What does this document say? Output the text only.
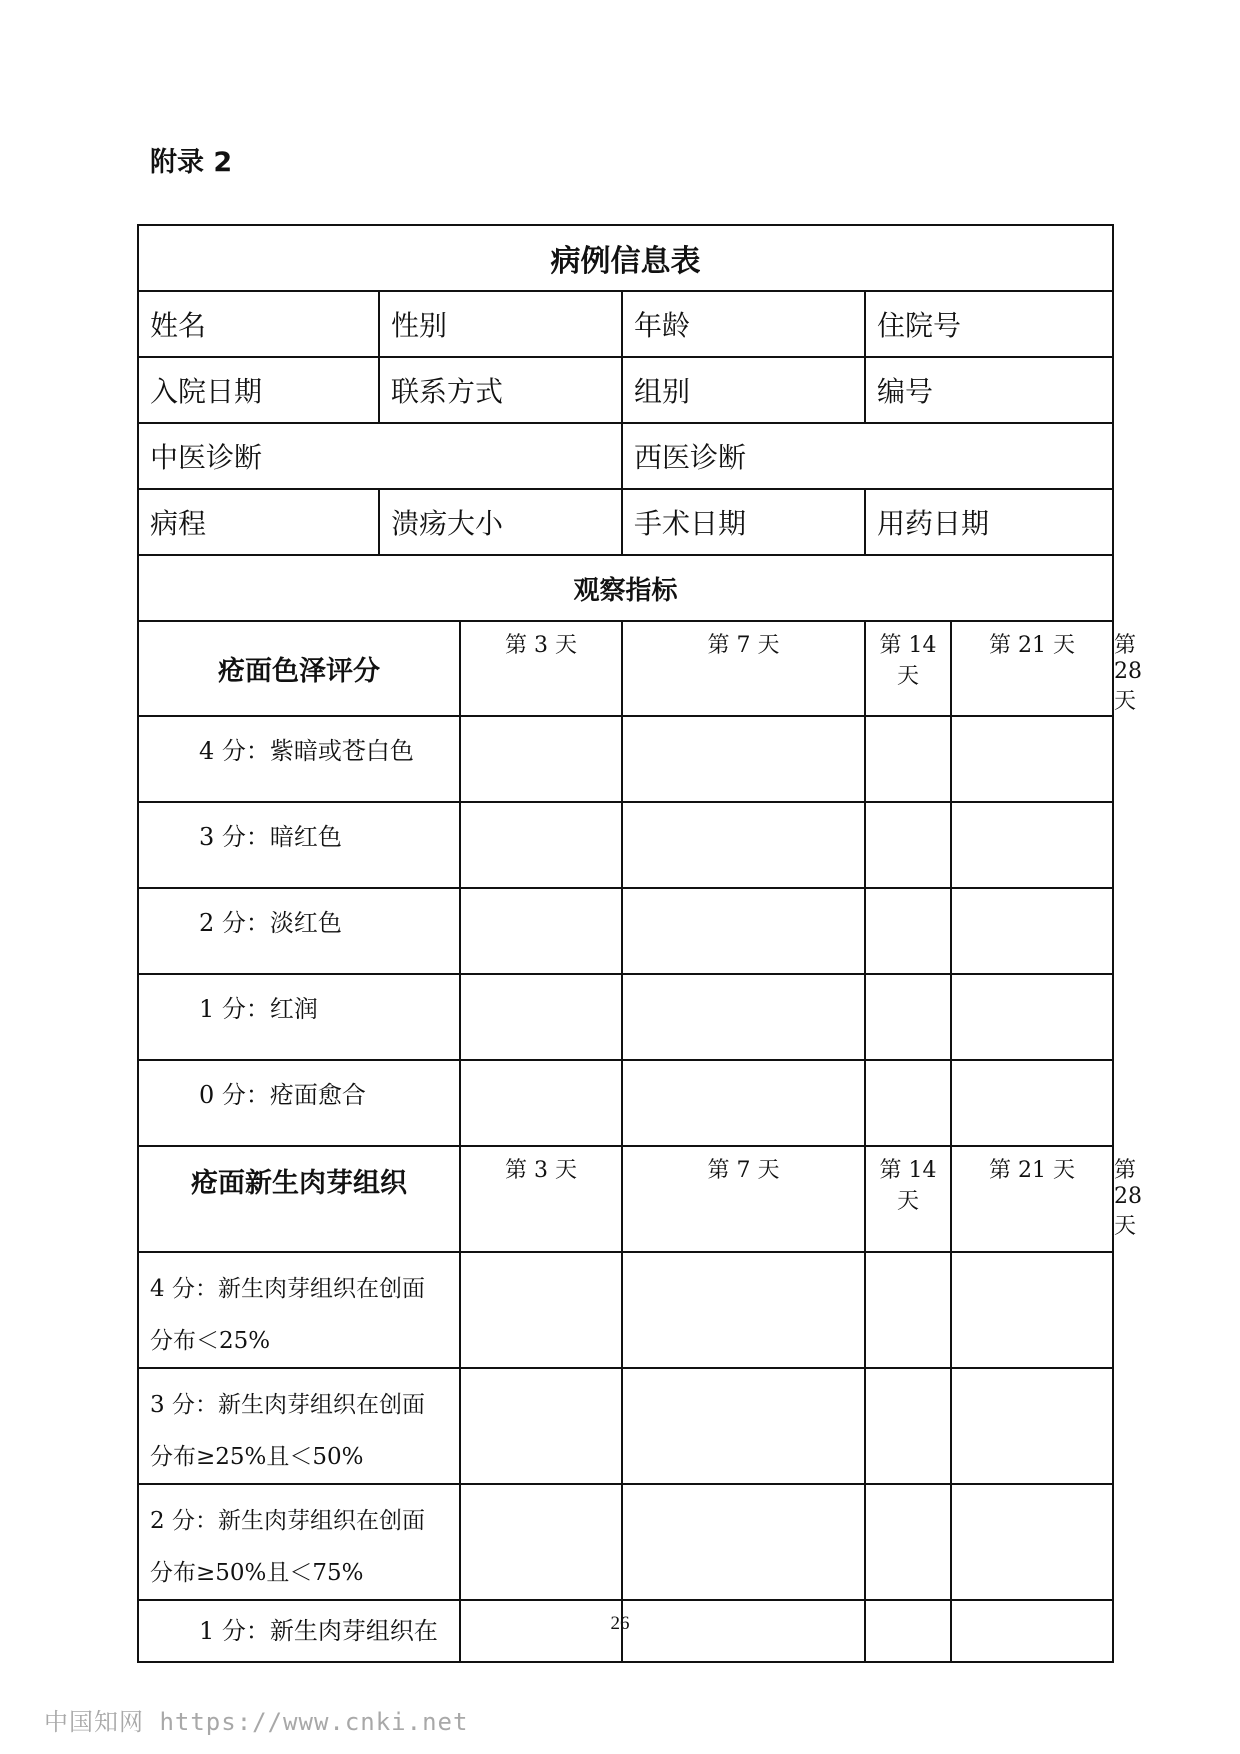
附录 2
病例信息表						
姓名	性别		年龄	住院号		
入院日期	联系方式		组别	编号		
中医诊断			西医诊断			
病程	溃疡大小		手术日期	用药日期		
观察指标						
疮面色泽评分		第 3 天	第 7 天	第 14 天	第 21 天	第 28 天
4 分：紫暗或苍白色						
3 分：暗红色						
2 分：淡红色						
1 分：红润						
0 分：疮面愈合						
疮面新生肉芽组织		第 3 天	第 7 天	第 14 天	第 21 天	第 28 天

4 分：新生肉芽组织在创面
分布＜25%						

3 分：新生肉芽组织在创面
分布≥25%且＜50%						

2 分：新生肉芽组织在创面
分布≥50%且＜75%						

1 分：新生肉芽组织在							26
中国知网 https://www.cnki.net
